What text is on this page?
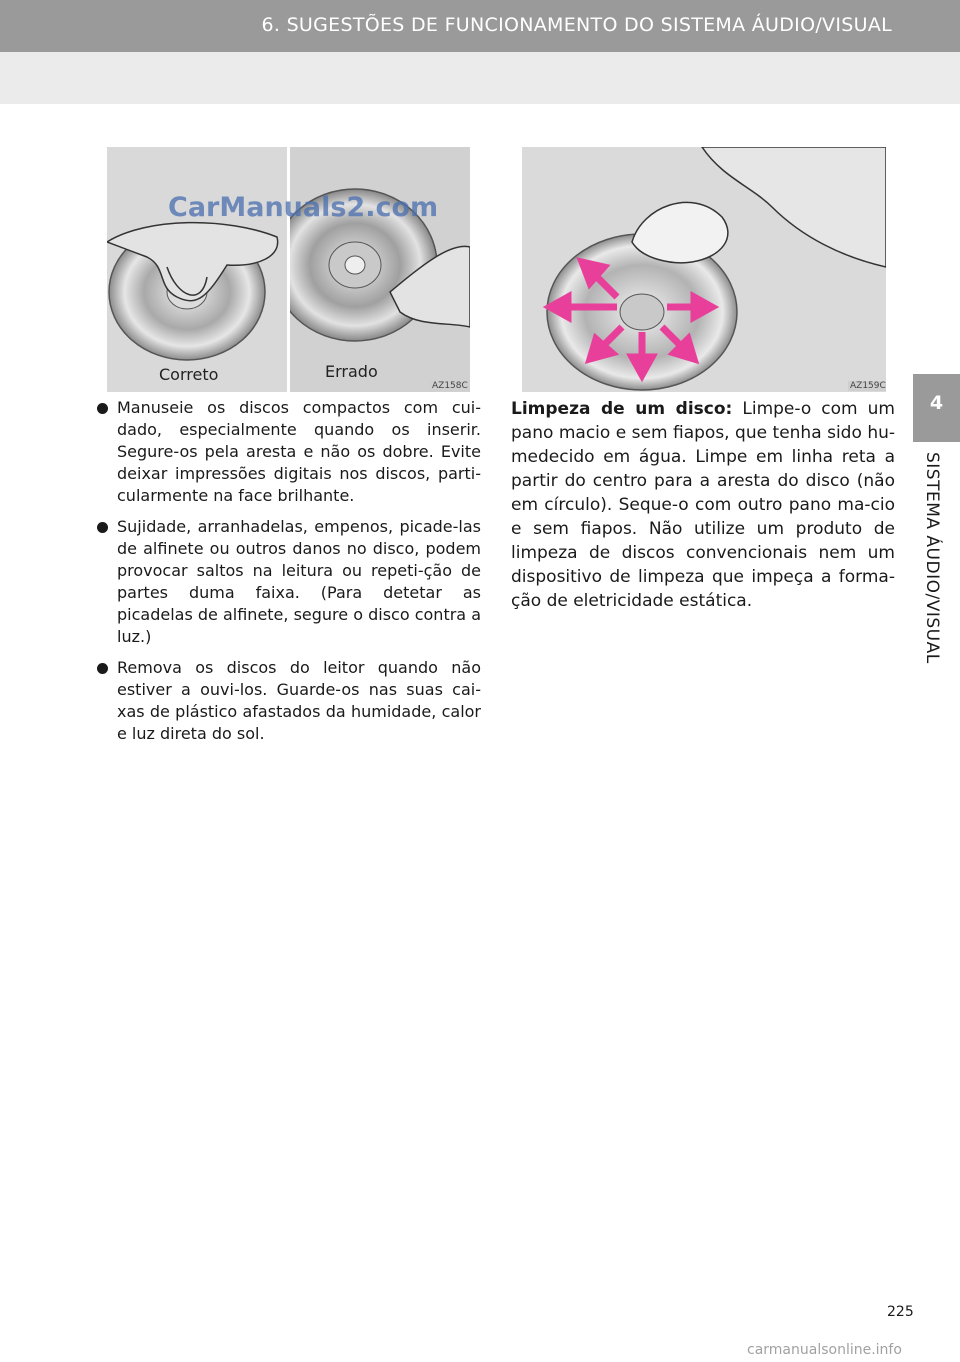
6. SUGESTÕES DE FUNCIONAMENTO DO SISTEMA ÁUDIO/VISUAL
4
SISTEMA ÁUDIO/VISUAL
Correto	Errado
AZ158C
CarManuals2.com
AZ159C
Manuseie os discos compactos com cui-dado, especialmente quando os inserir. Segure-os pela aresta e não os dobre. Evite deixar impressões digitais nos discos, parti-cularmente na face brilhante.
Sujidade, arranhadelas, empenos, picade-las de alfinete ou outros danos no disco, podem provocar saltos na leitura ou repeti-ção de partes duma faixa. (Para detetar as picadelas de alfinete, segure o disco contra a luz.)
Remova os discos do leitor quando não estiver a ouvi-los. Guarde-os nas suas cai-xas de plástico afastados da humidade, calor e luz direta do sol.
Limpeza de um disco: Limpe-o com um pano macio e sem fiapos, que tenha sido hu-medecido em água. Limpe em linha reta a partir do centro para a aresta do disco (não em círculo). Seque-o com outro pano ma-cio e sem fiapos. Não utilize um produto de limpeza de discos convencionais nem um dispositivo de limpeza que impeça a forma-ção de eletricidade estática.
225
carmanualsonline.info
